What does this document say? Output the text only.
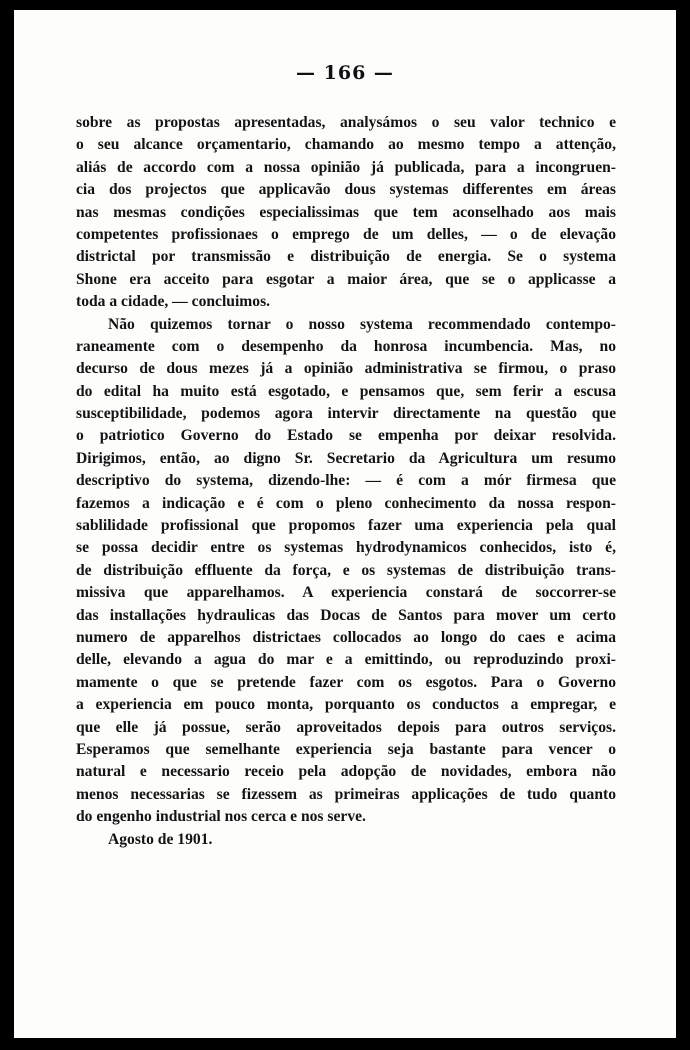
— 166 —
sobre as propostas apresentadas, analysámos o seu valor technico e
o seu alcance orçamentario, chamando ao mesmo tempo a attenção,
aliás de accordo com a nossa opinião já publicada, para a incongruen-
cia dos projectos que applicavão dous systemas differentes em áreas
nas mesmas condições especialissimas que tem aconselhado aos mais
competentes profissionaes o emprego de um delles, — o de elevação
districtal por transmissão e distribuição de energia. Se o systema
Shone era acceito para esgotar a maior área, que se o applicasse a
toda a cidade, — concluimos.
Não quizemos tornar o nosso systema recommendado contempo-
raneamente com o desempenho da honrosa incumbencia. Mas, no
decurso de dous mezes já a opinião administrativa se firmou, o praso
do edital ha muito está esgotado, e pensamos que, sem ferir a escusa
susceptibilidade, podemos agora intervir directamente na questão que
o patriotico Governo do Estado se empenha por deixar resolvida.
Dirigimos, então, ao digno Sr. Secretario da Agricultura um resumo
descriptivo do systema, dizendo-lhe: — é com a mór firmesa que
fazemos a indicação e é com o pleno conhecimento da nossa respon-
sablilidade profissional que propomos fazer uma experiencia pela qual
se possa decidir entre os systemas hydrodynamicos conhecidos, isto é,
de distribuição effluente da força, e os systemas de distribuição trans-
missiva que apparelhamos. A experiencia constará de soccorrer-se
das installações hydraulicas das Docas de Santos para mover um certo
numero de apparelhos districtaes collocados ao longo do caes e acima
delle, elevando a agua do mar e a emittindo, ou reproduzindo proxi-
mamente o que se pretende fazer com os esgotos. Para o Governo
a experiencia em pouco monta, porquanto os conductos a empregar, e
que elle já possue, serão aproveitados depois para outros serviços.
Esperamos que semelhante experiencia seja bastante para vencer o
natural e necessario receio pela adopção de novidades, embora não
menos necessarias se fizessem as primeiras applicações de tudo quanto
do engenho industrial nos cerca e nos serve.
Agosto de 1901.
